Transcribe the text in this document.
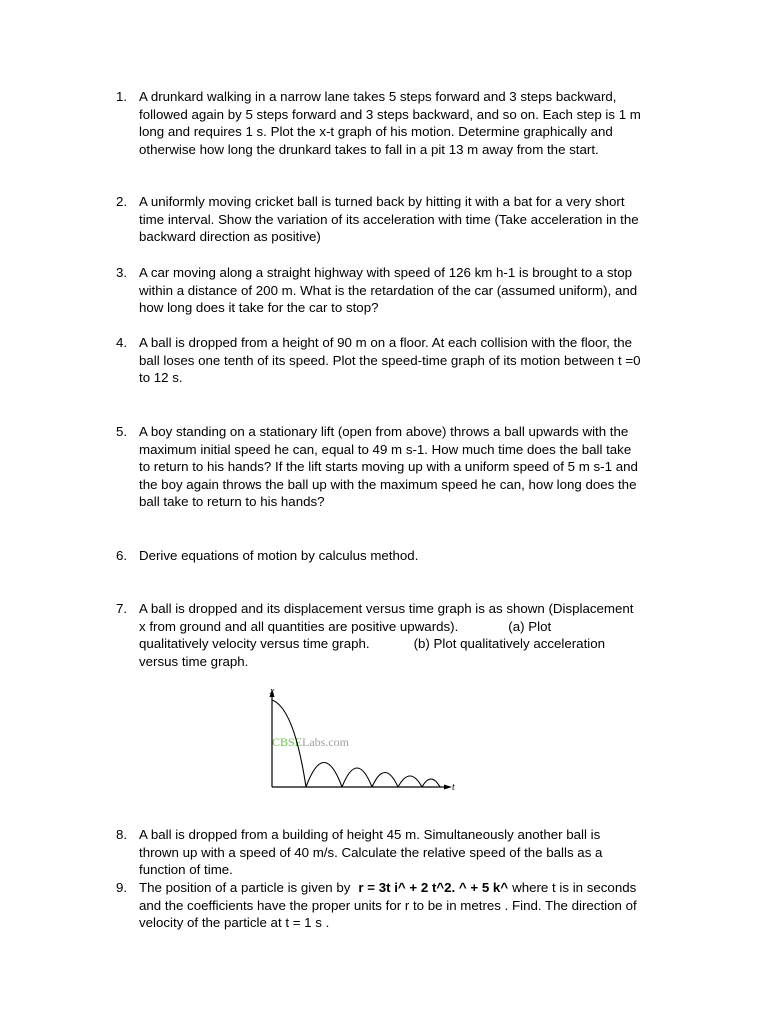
1. A drunkard walking in a narrow lane takes 5 steps forward and 3 steps backward,
followed again by 5 steps forward and 3 steps backward, and so on. Each step is 1 m
long and requires 1 s. Plot the x-t graph of his motion. Determine graphically and
otherwise how long the drunkard takes to fall in a pit 13 m away from the start.
2. A uniformly moving cricket ball is turned back by hitting it with a bat for a very short
time interval. Show the variation of its acceleration with time (Take acceleration in the
backward direction as positive)
3. A car moving along a straight highway with speed of 126 km h-1 is brought to a stop
within a distance of 200 m. What is the retardation of the car (assumed uniform), and
how long does it take for the car to stop?
4. A ball is dropped from a height of 90 m on a floor. At each collision with the floor, the
ball loses one tenth of its speed. Plot the speed-time graph of its motion between t =0
to 12 s.
5. A boy standing on a stationary lift (open from above) throws a ball upwards with the
maximum initial speed he can, equal to 49 m s-1. How much time does the ball take
to return to his hands? If the lift starts moving up with a uniform speed of 5 m s-1 and
the boy again throws the ball up with the maximum speed he can, how long does the
ball take to return to his hands?
6. Derive equations of motion by calculus method.
7. A ball is dropped and its displacement versus time graph is as shown (Displacement
x from ground and all quantities are positive upwards).	(a) Plot
qualitatively velocity versus time graph.	(b) Plot qualitatively acceleration
versus time graph.
x
t
CBSELabs.com
8. A ball is dropped from a building of height 45 m. Simultaneously another ball is
thrown up with a speed of 40 m/s. Calculate the relative speed of the balls as a
function of time.
9. The position of a particle is given by r = 3t i^ + 2 t^2. ^ + 5 k^ where t is in seconds
and the coefficients have the proper units for r to be in metres . Find. The direction of
velocity of the particle at t = 1 s .
